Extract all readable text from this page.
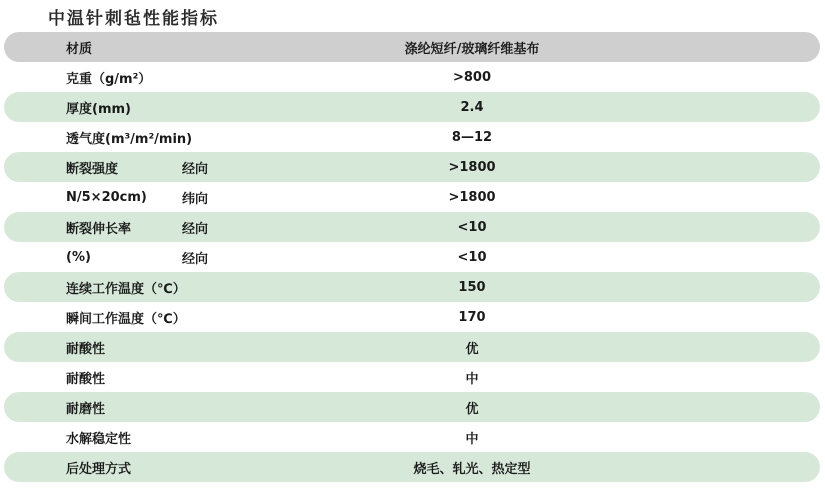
中温针刺毡性能指标
材质	涤纶短纤/玻璃纤维基布
克重（g/m²）	>800
厚度(mm)	2.4
透气度(m³/m²/min)	8—12
断裂强度	经向	>1800
N/5×20cm)	纬向	>1800
断裂伸长率	经向	<10
(%)	经向	<10
连续工作温度（℃）	150
瞬间工作温度（℃）	170
耐酸性	优
耐酸性	中
耐磨性	优
水解稳定性	中
后处理方式	烧毛、轧光、热定型
